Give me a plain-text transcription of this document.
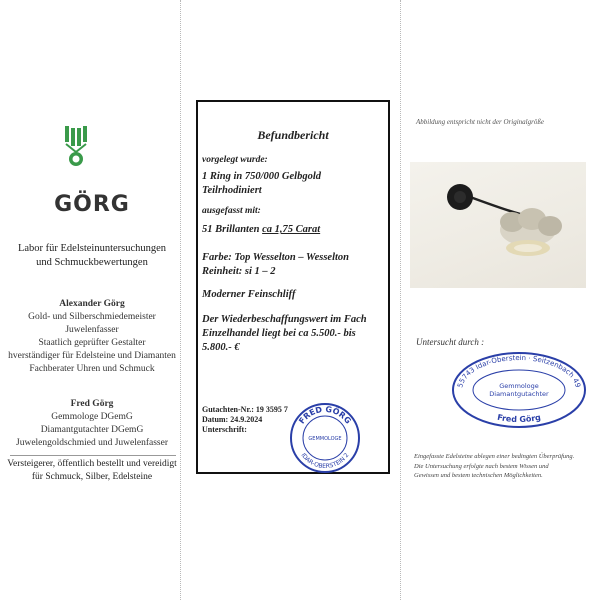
GÖRG
Labor für Edelsteinuntersuchungen
und Schmuckbewertungen
Alexander Görg
Gold- und Silberschmiedemeister
Juwelenfasser
Staatlich geprüfter Gestalter
hverständiger für Edelsteine und Diamanten
Fachberater Uhren und Schmuck
Fred Görg
Gemmologe DGemG
Diamantgutachter DGemG
Juwelengoldschmied und Juwelenfasser
Versteigerer, öffentlich bestellt und vereidigt
für Schmuck, Silber, Edelsteine
Befundbericht
vorgelegt wurde:
1 Ring in 750/000 Gelbgold
Teilrhodiniert
ausgefasst mit:
51 Brillanten ca 1,75 Carat
Farbe: Top Wesselton – Wesselton
Reinheit: si 1 – 2
Moderner Feinschliff
Der Wiederbeschaffungswert im Fach
Einzelhandel liegt bei ca 5.500.- bis
5.800.- €
Gutachten-Nr.: 19 3595 7
Datum: 24.9.2024
Unterschrift:
FRED GÖRG
IDAR-OBERSTEIN 2
GEMMOLOGE
Abbildung entspricht nicht der Originalgröße
Untersucht durch :
55743 Idar-Oberstein · Seitzenbach 49
Fred Görg
Gemmologe
Diamantgutachter
Eingefasste Edelsteine ablegen einer bedingten Überprüfung.
Die Untersuchung erfolgte nach bestem Wissen und
Gewissen und bestem technischen Möglichkeiten.
